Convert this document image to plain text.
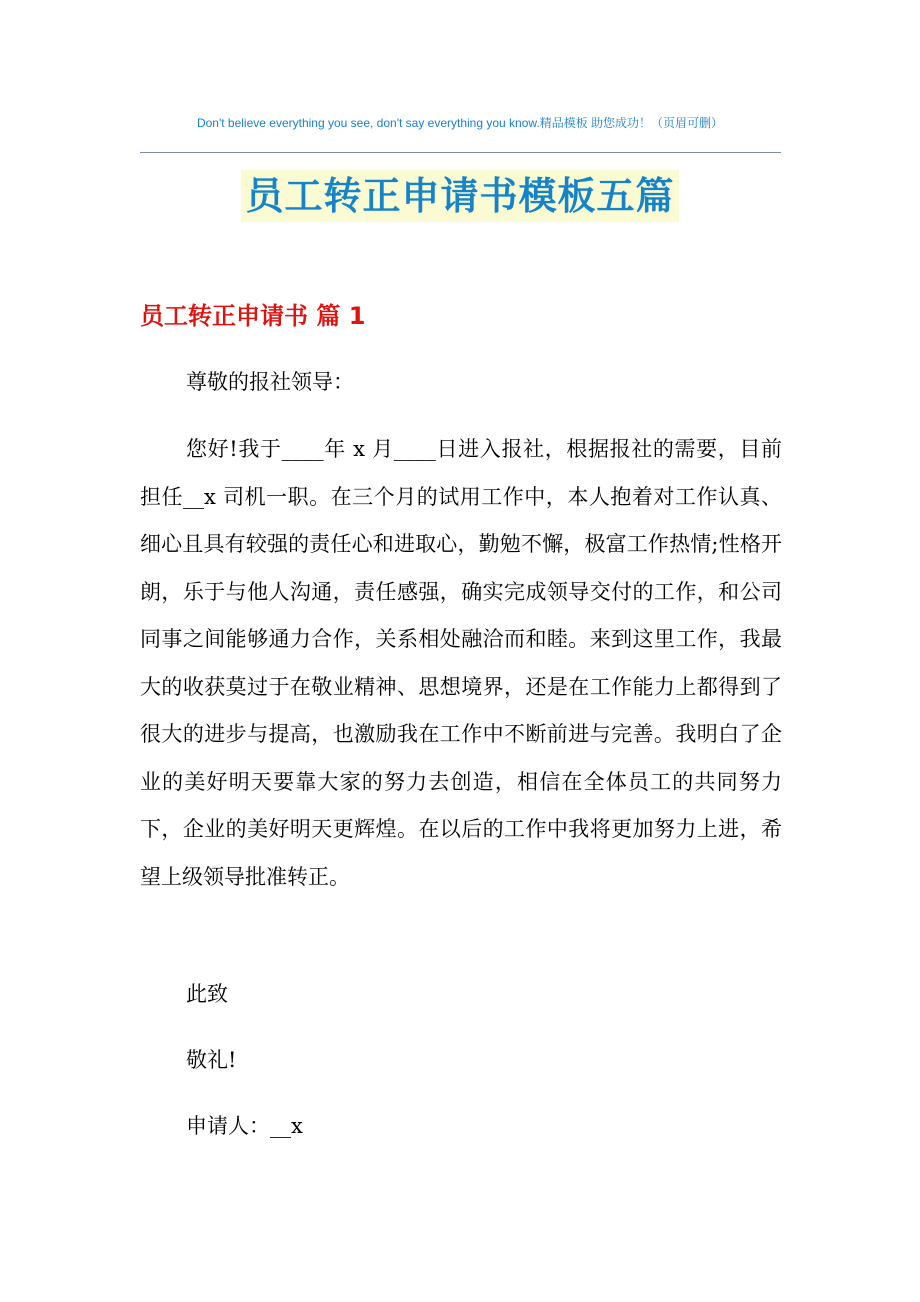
Don't believe everything you see, don't say everything you know.精品模板 助您成功！（页眉可删）
员工转正申请书模板五篇
员工转正申请书 篇 1
尊敬的报社领导：
您好!我于____年 x 月____日进入报社，根据报社的需要，目前担任__x 司机一职。在三个月的试用工作中，本人抱着对工作认真、细心且具有较强的责任心和进取心，勤勉不懈，极富工作热情;性格开朗，乐于与他人沟通，责任感强，确实完成领导交付的工作，和公司同事之间能够通力合作，关系相处融洽而和睦。来到这里工作，我最大的收获莫过于在敬业精神、思想境界，还是在工作能力上都得到了很大的进步与提高，也激励我在工作中不断前进与完善。我明白了企业的美好明天要靠大家的努力去创造，相信在全体员工的共同努力下，企业的美好明天更辉煌。在以后的工作中我将更加努力上进，希望上级领导批准转正。
此致
敬礼!
申请人：__x
